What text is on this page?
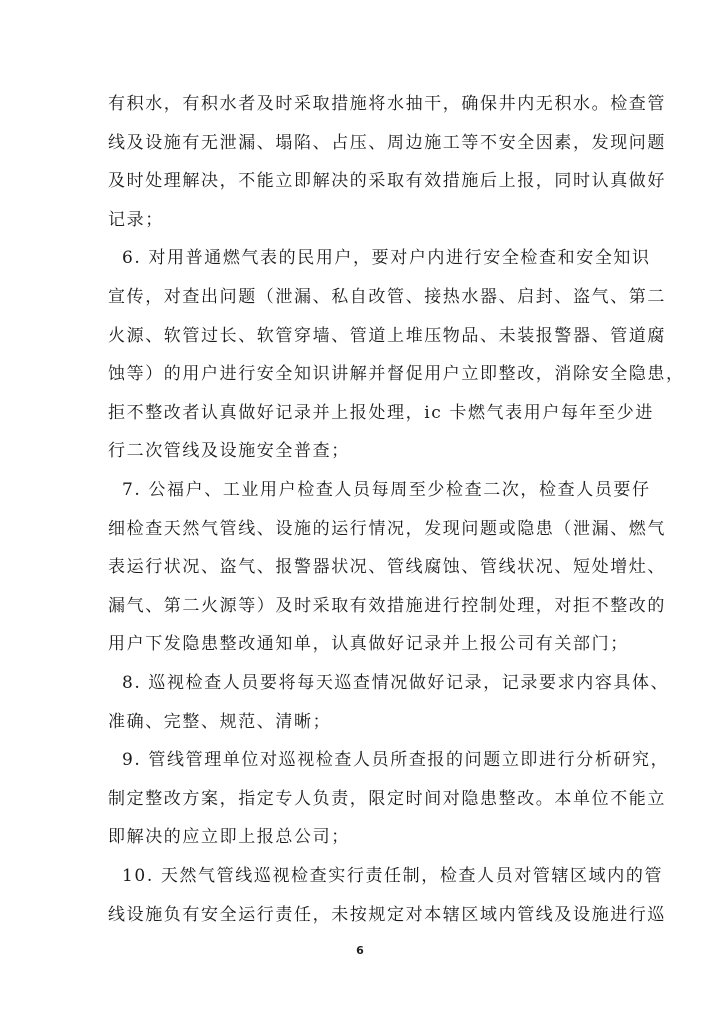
有积水，有积水者及时采取措施将水抽干，确保井内无积水。检查管
线及设施有无泄漏、塌陷、占压、周边施工等不安全因素，发现问题
及时处理解决，不能立即解决的采取有效措施后上报，同时认真做好
记录；
6. 对用普通燃气表的民用户，要对户内进行安全检查和安全知识
宣传，对查出问题（泄漏、私自改管、接热水器、启封、盗气、第二
火源、软管过长、软管穿墙、管道上堆压物品、未装报警器、管道腐
蚀等）的用户进行安全知识讲解并督促用户立即整改，消除安全隐患，
拒不整改者认真做好记录并上报处理，ic 卡燃气表用户每年至少进
行二次管线及设施安全普查；
7. 公福户、工业用户检查人员每周至少检查二次，检查人员要仔
细检查天然气管线、设施的运行情况，发现问题或隐患（泄漏、燃气
表运行状况、盗气、报警器状况、管线腐蚀、管线状况、短处增灶、
漏气、第二火源等）及时采取有效措施进行控制处理，对拒不整改的
用户下发隐患整改通知单，认真做好记录并上报公司有关部门；
8. 巡视检查人员要将每天巡查情况做好记录，记录要求内容具体、
准确、完整、规范、清晰；
9. 管线管理单位对巡视检查人员所查报的问题立即进行分析研究，
制定整改方案，指定专人负责，限定时间对隐患整改。本单位不能立
即解决的应立即上报总公司；
10. 天然气管线巡视检查实行责任制，检查人员对管辖区域内的管
线设施负有安全运行责任，未按规定对本辖区域内管线及设施进行巡
6
